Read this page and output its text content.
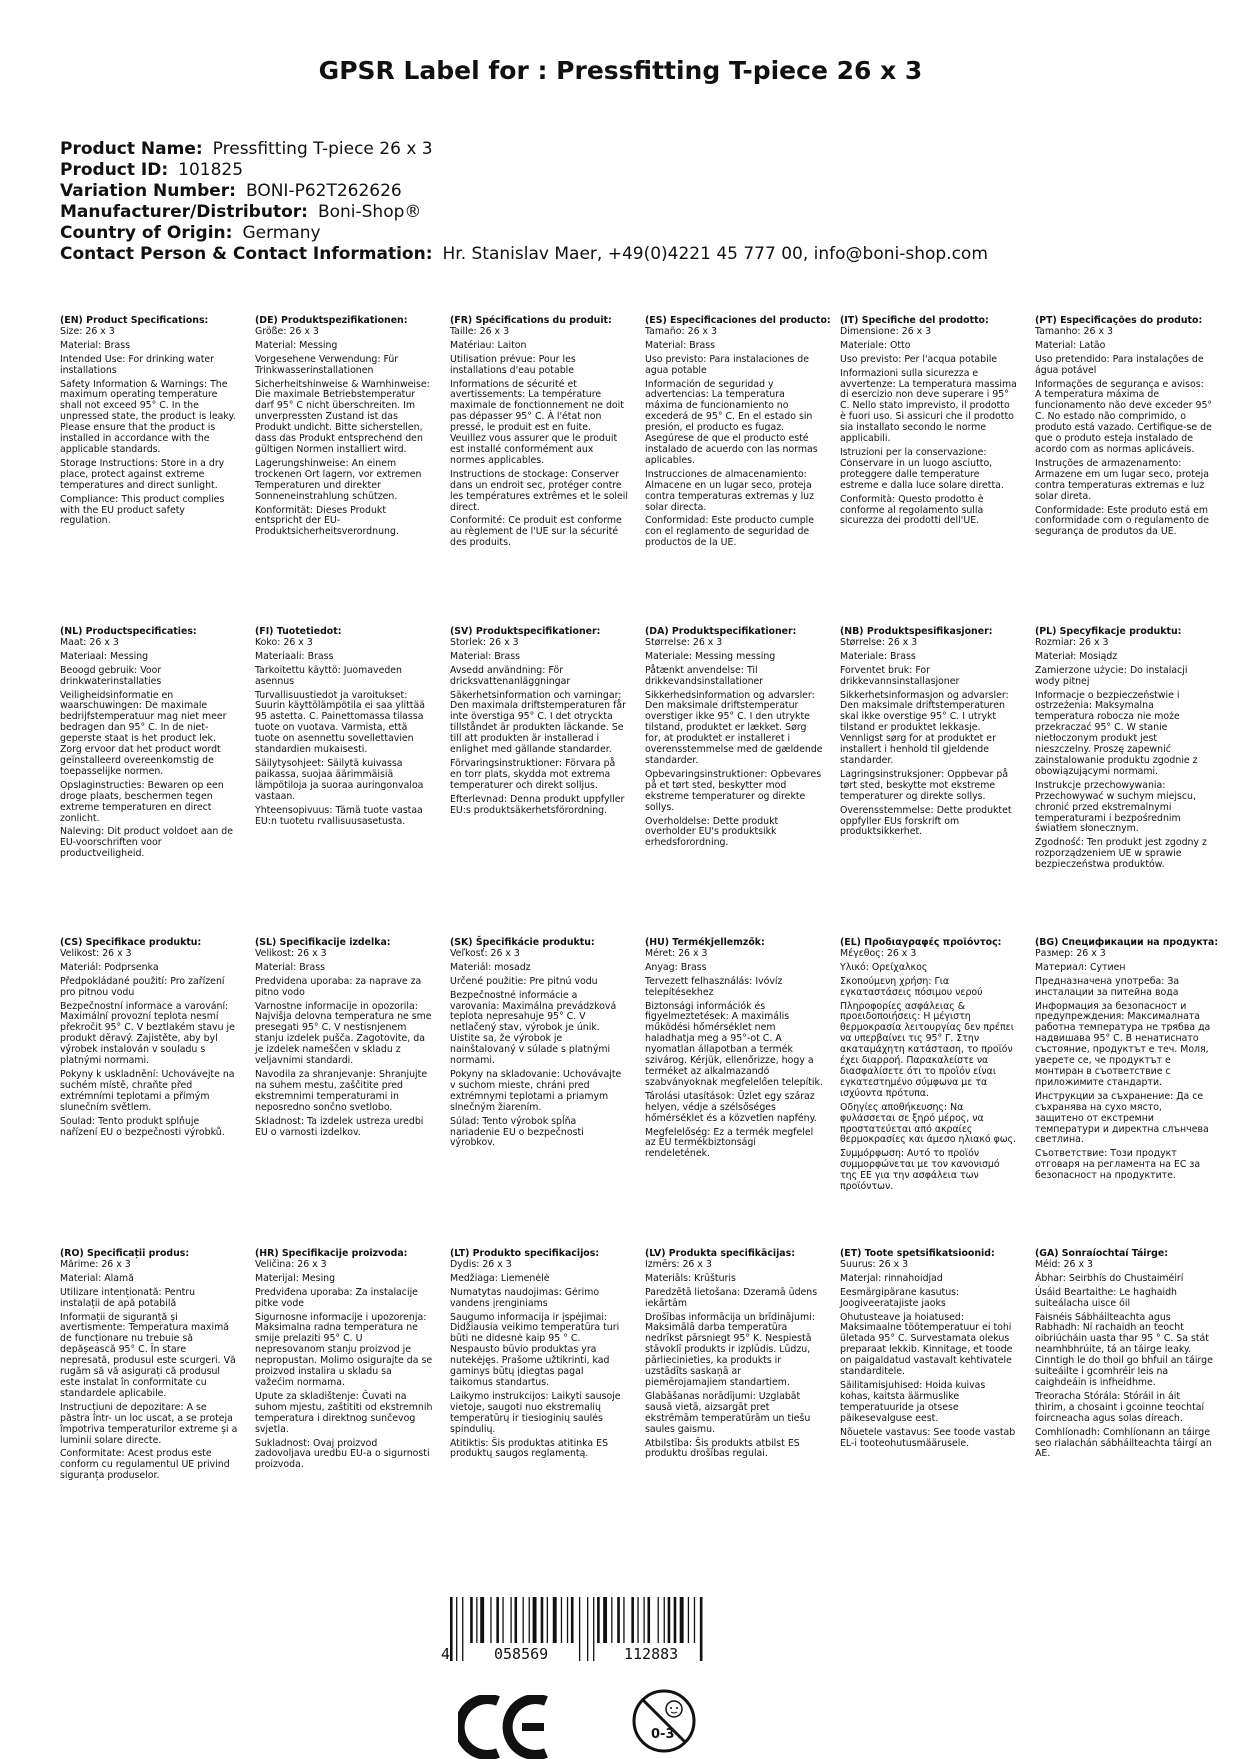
GPSR Label for : Pressfitting T-piece 26 x 3
Product Name: Pressfitting T-piece 26 x 3
Product ID: 101825
Variation Number: BONI-P62T262626
Manufacturer/Distributor: Boni-Shop®
Country of Origin: Germany
Contact Person & Contact Information: Hr. Stanislav Maer, +49(0)4221 45 777 00, info@boni-shop.com
(EN) Product Specifications:
Size: 26 x 3
Material: Brass
Intended Use: For drinking water installations
Safety Information & Warnings: The maximum operating temperature shall not exceed 95° C. In the unpressed state, the product is leaky. Please ensure that the product is installed in accordance with the applicable standards.
Storage Instructions: Store in a dry place, protect against extreme temperatures and direct sunlight.
Compliance: This product complies with the EU product safety regulation.
(DE) Produktspezifikationen:
Größe: 26 x 3
Material: Messing
Vorgesehene Verwendung: Für Trinkwasserinstallationen
Sicherheitshinweise & Warnhinweise: Die maximale Betriebstemperatur darf 95° C nicht überschreiten. Im unverpressten Zustand ist das Produkt undicht. Bitte sicherstellen, dass das Produkt entsprechend den gültigen Normen installiert wird.
Lagerungshinweise: An einem trockenen Ort lagern, vor extremen Temperaturen und direkter Sonneneinstrahlung schützen.
Konformität: Dieses Produkt entspricht der EU-Produktsicherheitsverordnung.
(FR) Spécifications du produit:
Taille: 26 x 3
Matériau: Laiton
Utilisation prévue: Pour les installations d'eau potable
Informations de sécurité et avertissements: La température maximale de fonctionnement ne doit pas dépasser 95° C. À l'état non pressé, le produit est en fuite. Veuillez vous assurer que le produit est installé conformément aux normes applicables.
Instructions de stockage: Conserver dans un endroit sec, protéger contre les températures extrêmes et le soleil direct.
Conformité: Ce produit est conforme au règlement de l'UE sur la sécurité des produits.
(ES) Especificaciones del producto:
Tamaño: 26 x 3
Material: Brass
Uso previsto: Para instalaciones de agua potable
Información de seguridad y advertencias: La temperatura máxima de funcionamiento no excederá de 95° C. En el estado sin presión, el producto es fugaz. Asegúrese de que el producto esté instalado de acuerdo con las normas aplicables.
Instrucciones de almacenamiento: Almacene en un lugar seco, proteja contra temperaturas extremas y luz solar directa.
Conformidad: Este producto cumple con el reglamento de seguridad de productos de la UE.
(IT) Specifiche del prodotto:
Dimensione: 26 x 3
Materiale: Otto
Uso previsto: Per l'acqua potabile
Informazioni sulla sicurezza e avvertenze: La temperatura massima di esercizio non deve superare i 95° C. Nello stato imprevisto, il prodotto è fuori uso. Si assicuri che il prodotto sia installato secondo le norme applicabili.
Istruzioni per la conservazione: Conservare in un luogo asciutto, proteggere dalle temperature estreme e dalla luce solare diretta.
Conformità: Questo prodotto è conforme al regolamento sulla sicurezza dei prodotti dell'UE.
(PT) Especificações do produto:
Tamanho: 26 x 3
Material: Latão
Uso pretendido: Para instalações de água potável
Informações de segurança e avisos: A temperatura máxima de funcionamento não deve exceder 95° C. No estado não comprimido, o produto está vazado. Certifique-se de que o produto esteja instalado de acordo com as normas aplicáveis.
Instruções de armazenamento: Armazene em um lugar seco, proteja contra temperaturas extremas e luz solar direta.
Conformidade: Este produto está em conformidade com o regulamento de segurança de produtos da UE.
(NL) Productspecificaties:
Maat: 26 x 3
Materiaal: Messing
Beoogd gebruik: Voor drinkwaterinstallaties
Veiligheidsinformatie en waarschuwingen: De maximale bedrijfstemperatuur mag niet meer bedragen dan 95° C. In de niet-geperste staat is het product lek. Zorg ervoor dat het product wordt geïnstalleerd overeenkomstig de toepasselijke normen.
Opslaginstructies: Bewaren op een droge plaats, beschermen tegen extreme temperaturen en direct zonlicht.
Naleving: Dit product voldoet aan de EU-voorschriften voor productveiligheid.
(FI) Tuotetiedot:
Koko: 26 x 3
Materiaali: Brass
Tarkoitettu käyttö: Juomaveden asennus
Turvallisuustiedot ja varoitukset: Suurin käyttölämpötila ei saa ylittää 95 astetta. C. Painettomassa tilassa tuote on vuotava. Varmista, että tuote on asennettu sovellettavien standardien mukaisesti.
Säilytysohjeet: Säilytä kuivassa paikassa, suojaa äärimmäisiä lämpötiloja ja suoraa auringonvaloa vastaan.
Yhteensopivuus: Tämä tuote vastaa EU:n tuotetu rvallisuusasetusta.
(SV) Produktspecifikationer:
Storlek: 26 x 3
Material: Brass
Avsedd användning: För dricksvattenanläggningar
Säkerhetsinformation och varningar: Den maximala driftstemperaturen får inte överstiga 95° C. I det otryckta tillståndet är produkten läckande. Se till att produkten är installerad i enlighet med gällande standarder.
Förvaringsinstruktioner: Förvara på en torr plats, skydda mot extrema temperaturer och direkt solljus.
Efterlevnad: Denna produkt uppfyller EU:s produktsäkerhetsförordning.
(DA) Produktspecifikationer:
Størrelse: 26 x 3
Materiale: Messing messing
Påtænkt anvendelse: Til drikkevandsinstallationer
Sikkerhedsinformation og advarsler: Den maksimale driftstemperatur overstiger ikke 95° C. I den utrykte tilstand, produktet er lækket. Sørg for, at produktet er installeret i overensstemmelse med de gældende standarder.
Opbevaringsinstruktioner: Opbevares på et tørt sted, beskytter mod ekstreme temperaturer og direkte sollys.
Overholdelse: Dette produkt overholder EU's produktsikk erhedsforordning.
(NB) Produktspesifikasjoner:
Størrelse: 26 x 3
Materiale: Brass
Forventet bruk: For drikkevannsinstallasjoner
Sikkerhetsinformasjon og advarsler: Den maksimale driftstemperaturen skal ikke overstige 95° C. I utrykt tilstand er produktet lekkasje. Vennligst sørg for at produktet er installert i henhold til gjeldende standarder.
Lagringsinstruksjoner: Oppbevar på tørt sted, beskytte mot ekstreme temperaturer og direkte sollys.
Overensstemmelse: Dette produktet oppfyller EUs forskrift om produktsikkerhet.
(PL) Specyfikacje produktu:
Rozmiar: 26 x 3
Materiał: Mosiądz
Zamierzone użycie: Do instalacji wody pitnej
Informacje o bezpieczeństwie i ostrzeżenia: Maksymalna temperatura robocza nie może przekraczać 95° C. W stanie nietłoczonym produkt jest nieszczelny. Proszę zapewnić zainstalowanie produktu zgodnie z obowiązującymi normami.
Instrukcje przechowywania: Przechowywać w suchym miejscu, chronić przed ekstremalnymi temperaturami i bezpośrednim światłem słonecznym.
Zgodność: Ten produkt jest zgodny z rozporządzeniem UE w sprawie bezpieczeństwa produktów.
(CS) Specifikace produktu:
Velikost: 26 x 3
Materiál: Podprsenka
Předpokládané použití: Pro zařízení pro pitnou vodu
Bezpečnostní informace a varování: Maximální provozní teplota nesmí překročit 95° C. V beztlakém stavu je produkt děravý. Zajistěte, aby byl výrobek instalován v souladu s platnými normami.
Pokyny k uskladnění: Uchovávejte na suchém místě, chraňte před extrémními teplotami a přímým slunečním světlem.
Soulad: Tento produkt splňuje nařízení EU o bezpečnosti výrobků.
(SL) Specifikacije izdelka:
Velikost: 26 x 3
Material: Brass
Predvidena uporaba: za naprave za pitno vodo
Varnostne informacije in opozorila: Najvišja delovna temperatura ne sme presegati 95° C. V nestisnjenem stanju izdelek pušča. Zagotovite, da je izdelek nameščen v skladu z veljavnimi standardi.
Navodila za shranjevanje: Shranjujte na suhem mestu, zaščitite pred ekstremnimi temperaturami in neposredno sončno svetlobo.
Skladnost: Ta izdelek ustreza uredbi EU o varnosti izdelkov.
(SK) Špecifikácie produktu:
Veľkosť: 26 x 3
Materiál: mosadz
Určené použitie: Pre pitnú vodu
Bezpečnostné informácie a varovania: Maximálna prevádzková teplota nepresahuje 95° C. V netlačený stav, výrobok je únik. Uistite sa, že výrobok je nainštalovaný v súlade s platnými normami.
Pokyny na skladovanie: Uchovávajte v suchom mieste, chráni pred extrémnymi teplotami a priamym slnečným žiarením.
Súlad: Tento výrobok spĺňa nariadenie EU o bezpečnosti výrobkov.
(HU) Termékjellemzők:
Méret: 26 x 3
Anyag: Brass
Tervezett felhasználás: Ivóvíz telepítésekhez
Biztonsági információk és figyelmeztetések: A maximális működési hőmérséklet nem haladhatja meg a 95°-ot C. A nyomatlan állapotban a termék szivárog. Kérjük, ellenőrizze, hogy a terméket az alkalmazandó szabványoknak megfelelően telepítik.
Tárolási utasítások: Üzlet egy száraz helyen, védje a szélsőséges hőmérséklet és a közvetlen napfény.
Megfelelőség: Ez a termék megfelel az EU termékbiztonsági rendeletének.
(EL) Προδιαγραφές προϊόντος:
Μέγεθος: 26 x 3
Υλικό: Ορείχαλκος
Σκοπούμενη χρήση: Για εγκαταστάσεις πόσιμου νερού
Πληροφορίες ασφάλειας & προειδοποιήσεις: Η μέγιστη θερμοκρασία λειτουργίας δεν πρέπει να υπερβαίνει τις 95° Γ. Στην ακαταμάχητη κατάσταση, το προϊόν έχει διαρροή. Παρακαλείστε να διασφαλίσετε ότι το προϊόν είναι εγκατεστημένο σύμφωνα με τα ισχύοντα πρότυπα.
Οδηγίες αποθήκευσης: Να φυλάσσεται σε ξηρό μέρος, να προστατεύεται από ακραίες θερμοκρασίες και άμεσο ηλιακό φως.
Συμμόρφωση: Αυτό το προϊόν συμμορφώνεται με τον κανονισμό της ΕΕ για την ασφάλεια των προϊόντων.
(BG) Спецификации на продукта:
Размер: 26 x 3
Материал: Сутиен
Предназначена употреба: За инсталации за питейна вода
Информация за безопасност и предупреждения: Максималната работна температура не трябва да надвишава 95° C. В ненатиснато състояние, продуктът е теч. Моля, уверете се, че продуктът е монтиран в съответствие с приложимите стандарти.
Инструкции за съхранение: Да се съхранява на сухо място, защитено от екстремни температури и директна слънчева светлина.
Съответствие: Този продукт отговаря на регламента на ЕС за безопасност на продуктите.
(RO) Specificații produs:
Mărime: 26 x 3
Material: Alamă
Utilizare intenționată: Pentru instalații de apă potabilă
Informații de siguranță și avertismente: Temperatura maximă de funcționare nu trebuie să depășească 95° C. În stare nepresată, produsul este scurgeri. Vă rugăm să vă asigurați că produsul este instalat în conformitate cu standardele aplicabile.
Instrucțiuni de depozitare: A se păstra într- un loc uscat, a se proteja împotriva temperaturilor extreme și a luminii solare directe.
Conformitate: Acest produs este conform cu regulamentul UE privind siguranța produselor.
(HR) Specifikacije proizvoda:
Veličina: 26 x 3
Materijal: Mesing
Predviđena uporaba: Za instalacije pitke vode
Sigurnosne informacije i upozorenja: Maksimalna radna temperatura ne smije prelaziti 95° C. U nepresovanom stanju proizvod je nepropustan. Molimo osigurajte da se proizvod instalira u skladu sa važećim normama.
Upute za skladištenje: Čuvati na suhom mjestu, zaštititi od ekstremnih temperatura i direktnog sunčevog svjetla.
Sukladnost: Ovaj proizvod zadovoljava uredbu EU-a o sigurnosti proizvoda.
(LT) Produkto specifikacijos:
Dydis: 26 x 3
Medžiaga: Liemenėlė
Numatytas naudojimas: Gėrimo vandens įrenginiams
Saugumo informacija ir įspėjimai: Didžiausia veikimo temperatūra turi būti ne didesnė kaip 95 ° C. Nespausto būvio produktas yra nutekėjęs. Prašome užtikrinti, kad gaminys būtų įdiegtas pagal taikomus standartus.
Laikymo instrukcijos: Laikyti sausoje vietoje, saugoti nuo ekstremalių temperatūrų ir tiesioginių saulės spindulių.
Atitiktis: Šis produktas atitinka ES produktų saugos reglamentą.
(LV) Produkta specifikācijas:
Izmērs: 26 x 3
Materiāls: Krūšturis
Paredzētā lietošana: Dzeramā ūdens iekārtām
Drošības informācija un brīdinājumi: Maksimālā darba temperatūra nedrīkst pārsniegt 95° K. Nespiestā stāvoklī produkts ir izplūdis. Lūdzu, pārliecinieties, ka produkts ir uzstādīts saskaņā ar piemērojamajiem standartiem.
Glabāšanas norādījumi: Uzglabāt sausā vietā, aizsargāt pret ekstrēmām temperatūrām un tiešu saules gaismu.
Atbilstība: Šis produkts atbilst ES produktu drošības regulai.
(ET) Toote spetsifikatsioonid:
Suurus: 26 x 3
Materjal: rinnahoidjad
Eesmärgipärane kasutus: Joogiveeratajiste jaoks
Ohutusteave ja hoiatused: Maksimaalne töötemperatuur ei tohi ületada 95° C. Survestamata olekus preparaat lekkib. Kinnitage, et toode on paigaldatud vastavalt kehtivatele standarditele.
Säilitamisjuhised: Hoida kuivas kohas, kaitsta äärmuslike temperatuuride ja otsese päikesevalguse eest.
Nõuetele vastavus: See toode vastab EL-i tooteohutusmäärusele.
(GA) Sonraíochtaí Táirge:
Méid: 26 x 3
Ábhar: Seirbhís do Chustaiméirí
Úsáid Beartaithe: Le haghaidh suiteálacha uisce óil
Faisnéis Sábháilteachta agus Rabhadh: Ní rachaidh an teocht oibriúcháin uasta thar 95 ° C. Sa stát neamhbhrúite, tá an táirge leaky. Cinntigh le do thoil go bhfuil an táirge suiteáilte i gcomhréir leis na caighdeáin is infheidhme.
Treoracha Stórála: Stóráil in áit thirim, a chosaint i gcoinne teochtaí foircneacha agus solas díreach.
Comhlíonadh: Comhlíonann an táirge seo rialachán sábháilteachta táirgí an AE.
4	058569	112883
0-3
